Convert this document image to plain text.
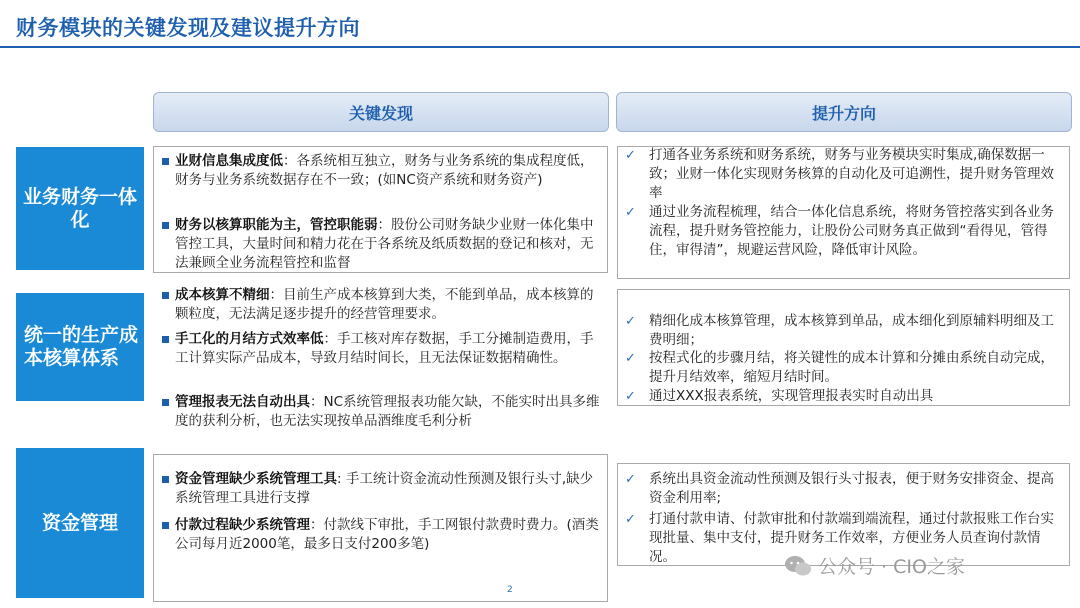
财务模块的关键发现及建议提升方向
关键发现	提升方向
业务财务一体化
业财信息集成度低：各系统相互独立，财务与业务系统的集成程度低，财务与业务系统数据存在不一致；(如NC资产系统和财务资产)
财务以核算职能为主，管控职能弱：股份公司财务缺少业财一体化集中管控工具，大量时间和精力花在于各系统及纸质数据的登记和核对，无法兼顾全业务流程管控和监督
✓ 打通各业务系统和财务系统，财务与业务模块实时集成,确保数据一致；业财一体化实现财务核算的自动化及可追溯性，提升财务管理效率
✓ 通过业务流程梳理，结合一体化信息系统，将财务管控落实到各业务流程，提升财务管控能力，让股份公司财务真正做到“看得见，管得住，审得清”，规避运营风险，降低审计风险。
统一的生产成本核算体系
成本核算不精细：目前生产成本核算到大类，不能到单品，成本核算的颗粒度，无法满足逐步提升的经营管理要求。
手工化的月结方式效率低：手工核对库存数据，手工分摊制造费用，手工计算实际产品成本，导致月结时间长，且无法保证数据精确性。
管理报表无法自动出具：NC系统管理报表功能欠缺，不能实时出具多维度的获利分析，也无法实现按单品酒维度毛利分析
✓ 精细化成本核算管理，成本核算到单品，成本细化到原辅料明细及工费明细；
✓ 按程式化的步骤月结，将关键性的成本计算和分摊由系统自动完成，提升月结效率，缩短月结时间。
✓ 通过XXX报表系统，实现管理报表实时自动出具
资金管理
资金管理缺少系统管理工具: 手工统计资金流动性预测及银行头寸,缺少系统管理工具进行支撑
付款过程缺少系统管理：付款线下审批，手工网银付款费时费力。(酒类公司每月近2000笔，最多日支付200多笔)
✓ 系统出具资金流动性预测及银行头寸报表，便于财务安排资金、提高资金利用率;
✓ 打通付款申请、付款审批和付款端到端流程，通过付款报账工作台实现批量、集中支付，提升财务工作效率，方便业务人员查询付款情况。
2
公众号 · CIO之家
